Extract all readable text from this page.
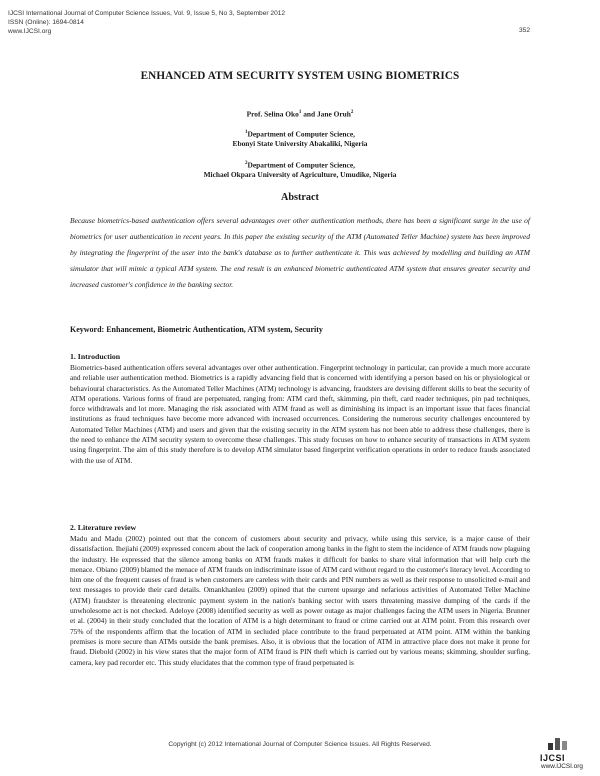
IJCSI International Journal of Computer Science Issues, Vol. 9, Issue 5, No 3, September 2012
ISSN (Online): 1694-0814
www.IJCSI.org	352
ENHANCED ATM SECURITY SYSTEM USING BIOMETRICS
Prof. Selina Oko$^1$ and Jane Oruh$^2$
$^1$Department of Computer Science,
Ebonyi State University Abakaliki, Nigeria
$^2$Department of Computer Science,
Michael Okpara University of Agriculture, Umudike, Nigeria
Abstract
Because biometrics-based authentication offers several advantages over other authentication methods, there has been a significant surge in the use of biometrics for user authentication in recent years. In this paper the existing security of the ATM (Automated Teller Machine) system has been improved by integrating the fingerprint of the user into the bank's database as to further authenticate it. This was achieved by modelling and building an ATM simulator that will mimic a typical ATM system. The end result is an enhanced biometric authenticated ATM system that ensures greater security and increased customer's confidence in the banking sector.
Keyword: Enhancement, Biometric Authentication, ATM system, Security
1. Introduction
Biometrics-based authentication offers several advantages over other authentication. Fingerprint technology in particular, can provide a much more accurate and reliable user authentication method. Biometrics is a rapidly advancing field that is concerned with identifying a person based on his or physiological or behavioural characteristics. As the Automated Teller Machines (ATM) technology is advancing, fraudsters are devising different skills to beat the security of ATM operations. Various forms of fraud are perpetuated, ranging from: ATM card theft, skimming, pin theft, card reader techniques, pin pad techniques, force withdrawals and lot more. Managing the risk associated with ATM fraud as well as diminishing its impact is an important issue that faces financial institutions as fraud techniques have become more advanced with increased occurrences. Considering the numerous security challenges encountered by Automated Teller Machines (ATM) and users and given that the existing security in the ATM system has not been able to address these challenges, there is the need to enhance the ATM security system to overcome these challenges. This study focuses on how to enhance security of transactions in ATM system using fingerprint. The aim of this study therefore is to develop ATM simulator based fingerprint verification operations in order to reduce frauds associated with the use of ATM.
2. Literature review
Madu and Madu (2002) pointed out that the concern of customers about security and privacy, while using this service, is a major cause of their dissatisfaction. Ihejiahi (2009) expressed concern about the lack of cooperation among banks in the fight to stem the incidence of ATM frauds now plaguing the industry. He expressed that the silence among banks on ATM frauds makes it difficult for banks to share vital information that will help curb the menace. Obiano (2009) blamed the menace of ATM frauds on indiscriminate issue of ATM card without regard to the customer's literacy level. According to him one of the frequent causes of fraud is when customers are careless with their cards and PIN numbers as well as their response to unsolicited e-mail and text messages to provide their card details. Omankhanleu (2009) opined that the current upsurge and nefarious activities of Automated Teller Machine (ATM) fraudster is threatening electronic payment system in the nation's banking sector with users threatening massive dumping of the cards if the unwholesome act is not checked. Adeloye (2008) identified security as well as power outage as major challenges facing the ATM users in Nigeria. Brunner et al. (2004) in their study concluded that the location of ATM is a high determinant to fraud or crime carried out at ATM point. From this research over 75% of the respondents affirm that the location of ATM in secluded place contribute to the fraud perpetuated at ATM point. ATM within the banking premises is more secure than ATMs outside the bank premises. Also, it is obvious that the location of ATM in attractive place does not make it prone for fraud. Diebold (2002) in his view states that the major form of ATM fraud is PIN theft which is carried out by various means; skimming, shoulder surfing, camera, key pad recorder etc. This study elucidates that the common type of fraud perpetuated is
Copyright (c) 2012 International Journal of Computer Science Issues. All Rights Reserved.
IJCSI
www.IJCSI.org
